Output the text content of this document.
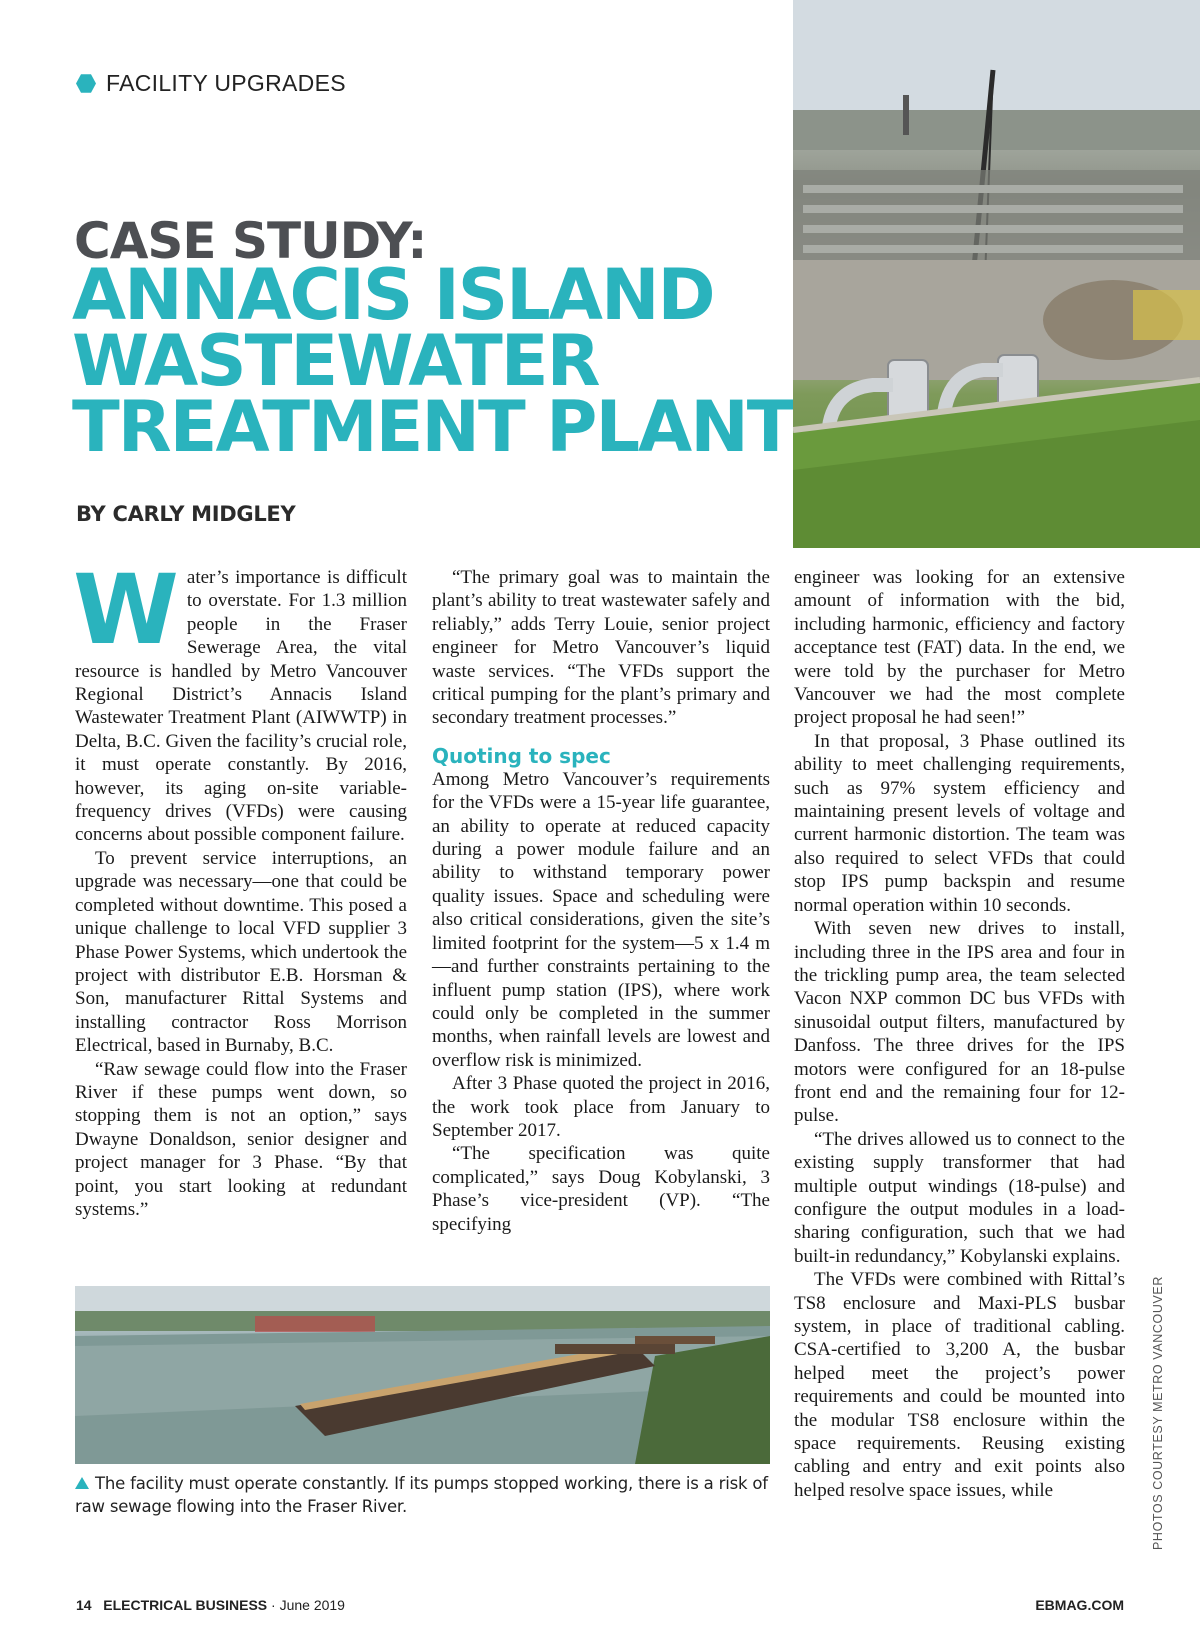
FACILITY UPGRADES
CASE STUDY:
ANNACIS ISLAND
WASTEWATER
TREATMENT PLANT
BY CARLY MIDGLEY

Water’s importance is difficult to overstate. For 1.3 million people in the Fraser Sewerage Area, the vital resource is handled by Metro Vancouver Regional District’s Annacis Island Wastewater Treatment Plant (AIWWTP) in Delta, B.C. Given the facility’s crucial role, it must operate constantly. By 2016, however, its aging on-site variable-frequency drives (VFDs) were causing concerns about possible component failure.

To prevent service interruptions, an upgrade was necessary—one that could be completed without downtime. This posed a unique challenge to local VFD supplier 3 Phase Power Systems, which undertook the project with distributor E.B. Horsman & Son, manufacturer Rittal Systems and installing contractor Ross Morrison Electrical, based in Burnaby, B.C.

“Raw sewage could flow into the Fraser River if these pumps went down, so stopping them is not an option,” says Dwayne Donaldson, senior designer and project manager for 3 Phase. “By that point, you start looking at redundant systems.”

“The primary goal was to maintain the plant’s ability to treat wastewater safely and reliably,” adds Terry Louie, senior project engineer for Metro Vancouver’s liquid waste services. “The VFDs support the critical pumping for the plant’s primary and secondary treatment processes.”

Quoting to spec

Among Metro Vancouver’s requirements for the VFDs were a 15-year life guarantee, an ability to operate at reduced capacity during a power module failure and an ability to withstand temporary power quality issues. Space and scheduling were also critical considerations, given the site’s limited footprint for the system—5 x 1.4 m—and further constraints pertaining to the influent pump station (IPS), where work could only be completed in the summer months, when rainfall levels are lowest and overflow risk is minimized.

After 3 Phase quoted the project in 2016, the work took place from January to September 2017.

“The specification was quite complicated,” says Doug Kobylanski, 3 Phase’s vice-president (VP). “The specifying

engineer was looking for an extensive amount of information with the bid, including harmonic, efficiency and factory acceptance test (FAT) data. In the end, we were told by the purchaser for Metro Vancouver we had the most complete project proposal he had seen!”

In that proposal, 3 Phase outlined its ability to meet challenging requirements, such as 97% system efficiency and maintaining present levels of voltage and current harmonic distortion. The team was also required to select VFDs that could stop IPS pump backspin and resume normal operation within 10 seconds.

With seven new drives to install, including three in the IPS area and four in the trickling pump area, the team selected Vacon NXP common DC bus VFDs with sinusoidal output filters, manufactured by Danfoss. The three drives for the IPS motors were configured for an 18-pulse front end and the remaining four for 12-pulse.

“The drives allowed us to connect to the existing supply transformer that had multiple output windings (18-pulse) and configure the output modules in a load-sharing configuration, such that we had built-in redundancy,” Kobylanski explains.

The VFDs were combined with Rittal’s TS8 enclosure and Maxi-PLS busbar system, in place of traditional cabling. CSA-certified to 3,200 A, the busbar helped meet the project’s power requirements and could be mounted into the modular TS8 enclosure within the space requirements. Reusing existing cabling and entry and exit points also helped resolve space issues, while

The facility must operate constantly. If its pumps stopped working, there is a risk of raw sewage flowing into the Fraser River.	PHOTOS COURTESY METRO VANCOUVER
14 ELECTRICAL BUSINESS · June 2019	EBMAG.COM
